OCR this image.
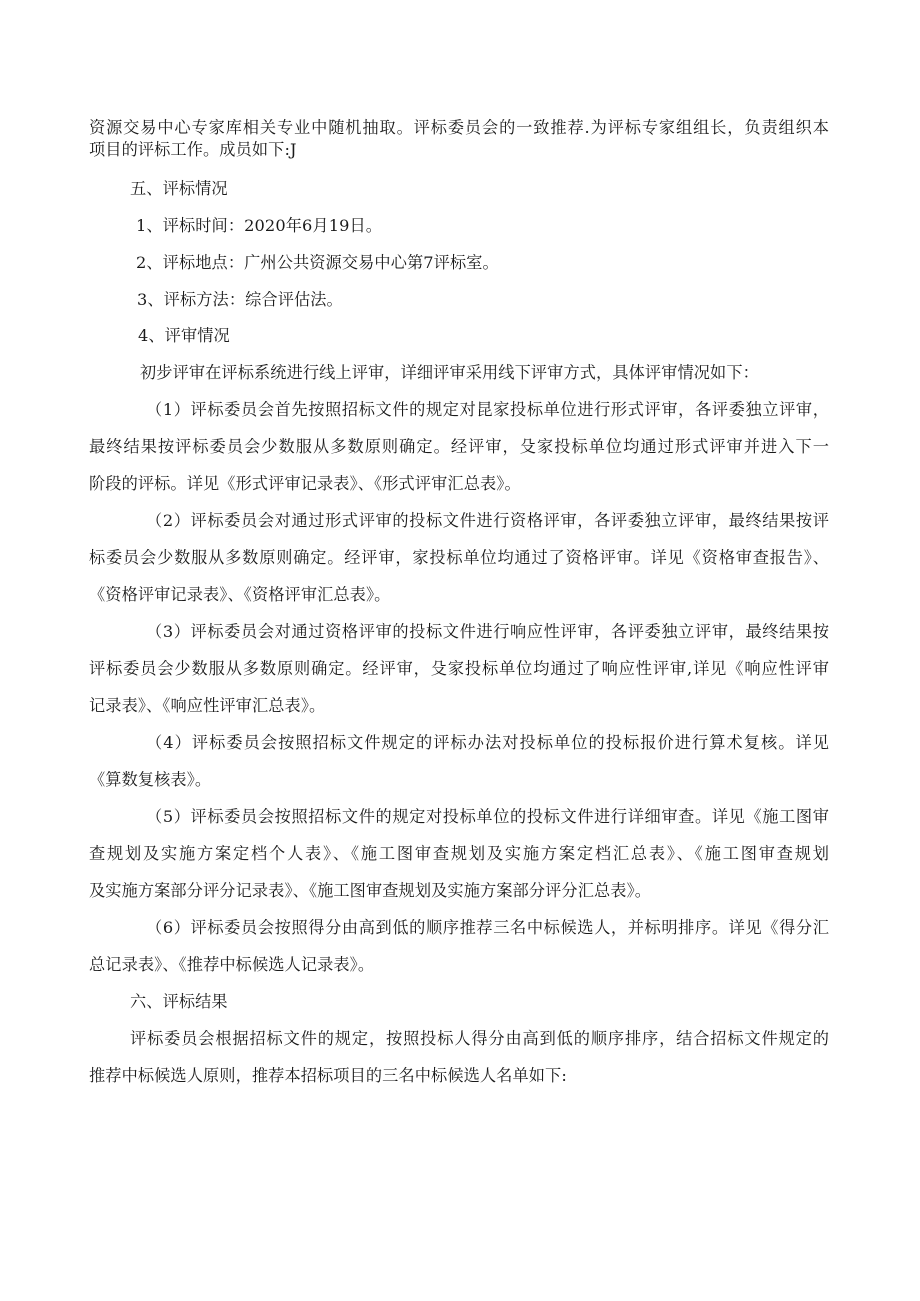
资源交易中心专家库相关专业中随机抽取。评标委员会的一致推荐.为评标专家组组长，负责组织本
项目的评标工作。成员如下:J
五、评标情况
1、评标时间：2020年6月19日。
2、评标地点：广州公共资源交易中心第7评标室。
3、评标方法：综合评估法。
4、评审情况
初步评审在评标系统进行线上评审，详细评审采用线下评审方式，具体评审情况如下：
（1）评标委员会首先按照招标文件的规定对昆家投标单位进行形式评审，各评委独立评审，
最终结果按评标委员会少数服从多数原则确定。经评审，殳家投标单位均通过形式评审并进入下一
阶段的评标。详见《形式评审记录表》、《形式评审汇总表》。
（2）评标委员会对通过形式评审的投标文件进行资格评审，各评委独立评审，最终结果按评
标委员会少数服从多数原则确定。经评审，家投标单位均通过了资格评审。详见《资格审查报告》、
《资格评审记录表》、《资格评审汇总表》。
（3）评标委员会对通过资格评审的投标文件进行响应性评审，各评委独立评审，最终结果按
评标委员会少数服从多数原则确定。经评审，殳家投标单位均通过了响应性评审,详见《响应性评审
记录表》、《响应性评审汇总表》。
（4）评标委员会按照招标文件规定的评标办法对投标单位的投标报价进行算术复核。详见
《算数复核表》。
（5）评标委员会按照招标文件的规定对投标单位的投标文件进行详细审查。详见《施工图审
查规划及实施方案定档个人表》、《施工图审查规划及实施方案定档汇总表》、《施工图审查规划
及实施方案部分评分记录表》、《施工图审查规划及实施方案部分评分汇总表》。
（6）评标委员会按照得分由高到低的顺序推荐三名中标候选人，并标明排序。详见《得分汇
总记录表》、《推荐中标候选人记录表》。
六、评标结果
评标委员会根据招标文件的规定，按照投标人得分由高到低的顺序排序，结合招标文件规定的
推荐中标候选人原则，推荐本招标项目的三名中标候选人名单如下:
